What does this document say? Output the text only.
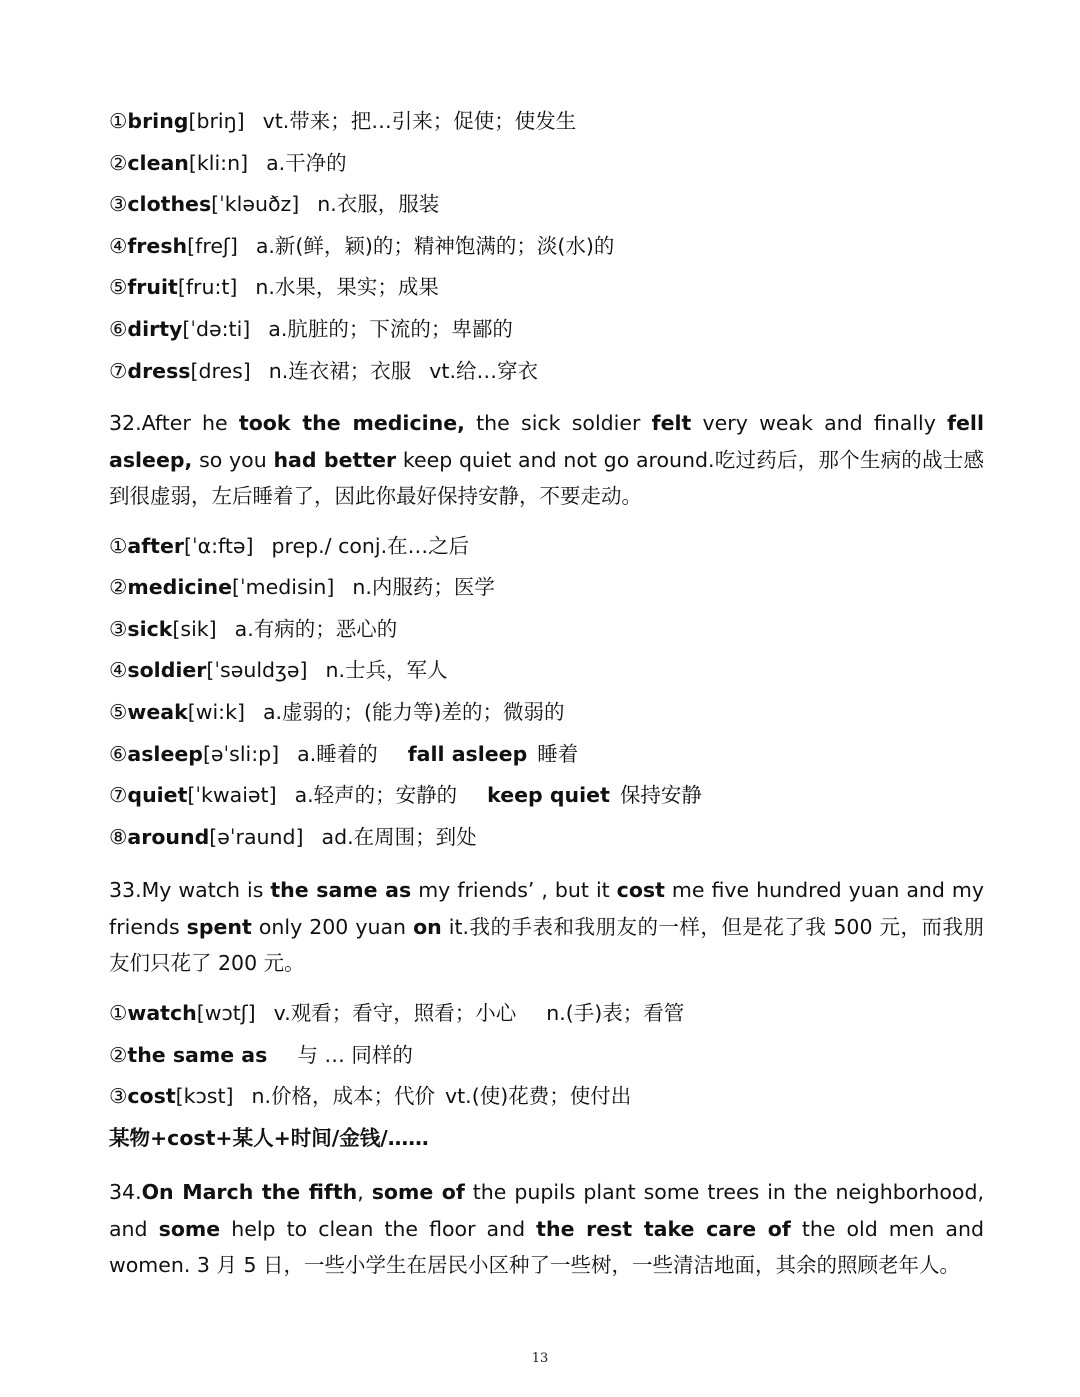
①bring[briŋ] vt.带来；把…引来；促使；使发生
②clean[kli:n] a.干净的
③clothes[ˈkləuðz] n.衣服，服装
④fresh[freʃ] a.新(鲜，颖)的；精神饱满的；淡(水)的
⑤fruit[fru:t] n.水果，果实；成果
⑥dirty[ˈdə:ti] a.肮脏的；下流的；卑鄙的
⑦dress[dres] n.连衣裙；衣服 vt.给…穿衣

32.After he took the medicine, the sick soldier felt very weak and finally fell asleep, so you had better keep quiet and not go around.吃过药后，那个生病的战士感到很虚弱，左后睡着了，因此你最好保持安静，不要走动。

①after[ˈα:ftə] prep./ conj.在…之后
②medicine[ˈmedisin] n.内服药；医学
③sick[sik] a.有病的；恶心的
④soldier[ˈsəuldʒə] n.士兵，军人
⑤weak[wi:k] a.虚弱的；(能力等)差的；微弱的
⑥asleep[əˈsli:p] a.睡着的 fall asleep 睡着
⑦quiet[ˈkwaiət] a.轻声的；安静的 keep quiet 保持安静
⑧around[əˈraund] ad.在周围；到处

33.My watch is the same as my friends’ , but it cost me five hundred yuan and my friends spent only 200 yuan on it.我的手表和我朋友的一样，但是花了我 500 元，而我朋友们只花了 200 元。

①watch[wɔtʃ] v.观看；看守，照看；小心 n.(手)表；看管
②the same as 与 … 同样的
③cost[kɔst] n.价格，成本；代价 vt.(使)花费；使付出
某物+cost+某人+时间/金钱/……

34.On March the fifth, some of the pupils plant some trees in the neighborhood, and some help to clean the floor and the rest take care of the old men and women. 3 月 5 日，一些小学生在居民小区种了一些树，一些清洁地面，其余的照顾老年人。

13
